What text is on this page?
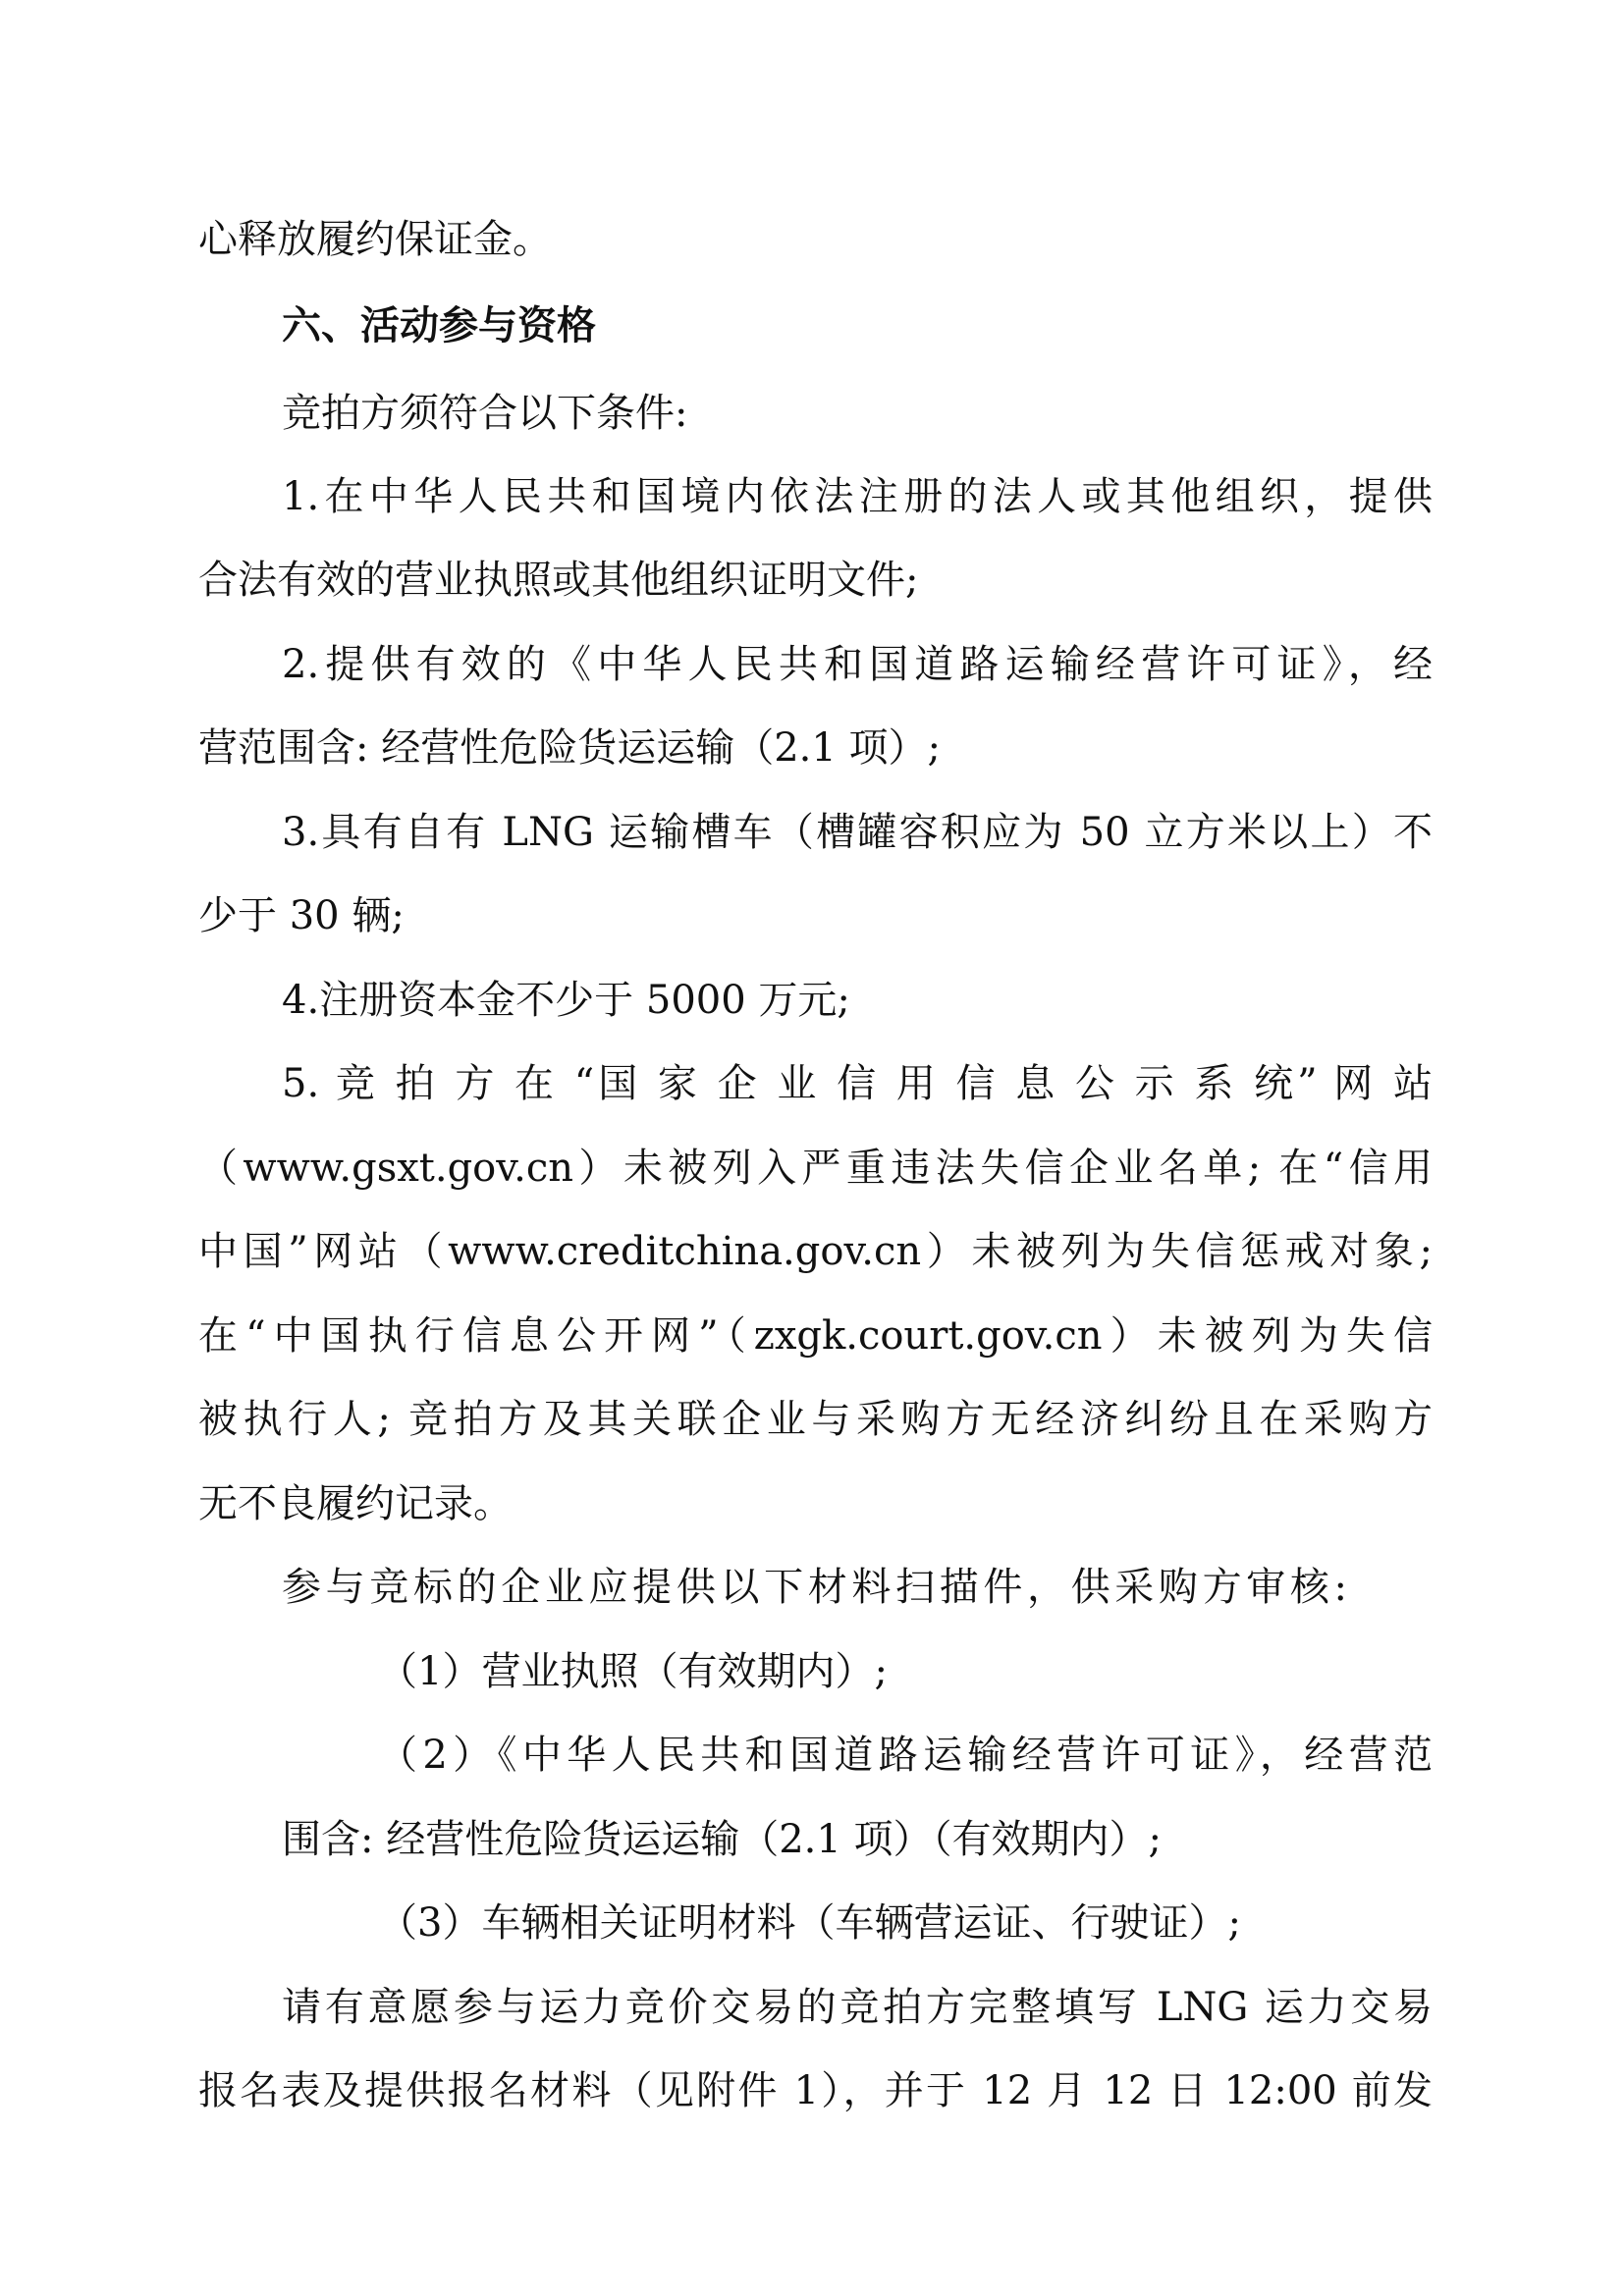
心释放履约保证金。
六、活动参与资格
竞拍方须符合以下条件:
1.在中华人民共和国境内依法注册的法人或其他组织，提供
合法有效的营业执照或其他组织证明文件;
2.提供有效的《中华人民共和国道路运输经营许可证》，经
营范围含: 经营性危险货运运输（2.1 项）;
3.具有自有 LNG 运输槽车（槽罐容积应为 50 立方米以上）不
少于 30 辆;
4.注册资本金不少于 5000 万元;
5. 竞 拍 方 在 “国 家 企 业 信 用 信 息 公 示 系 统” 网 站
（www.gsxt.gov.cn）未被列入严重违法失信企业名单; 在“信用
中国”网站（www.creditchina.gov.cn）未被列为失信惩戒对象;
在“中国执行信息公开网”（zxgk.court.gov.cn）未被列为失信
被执行人; 竞拍方及其关联企业与采购方无经济纠纷且在采购方
无不良履约记录。
参与竞标的企业应提供以下材料扫描件，供采购方审核:
（1）营业执照（有效期内）;
（2）《中华人民共和国道路运输经营许可证》，经营范
围含: 经营性危险货运运输（2.1 项）（有效期内）;
（3）车辆相关证明材料（车辆营运证、行驶证）;
请有意愿参与运力竞价交易的竞拍方完整填写 LNG 运力交易
报名表及提供报名材料（见附件 1），并于 12 月 12 日 12:00 前发
